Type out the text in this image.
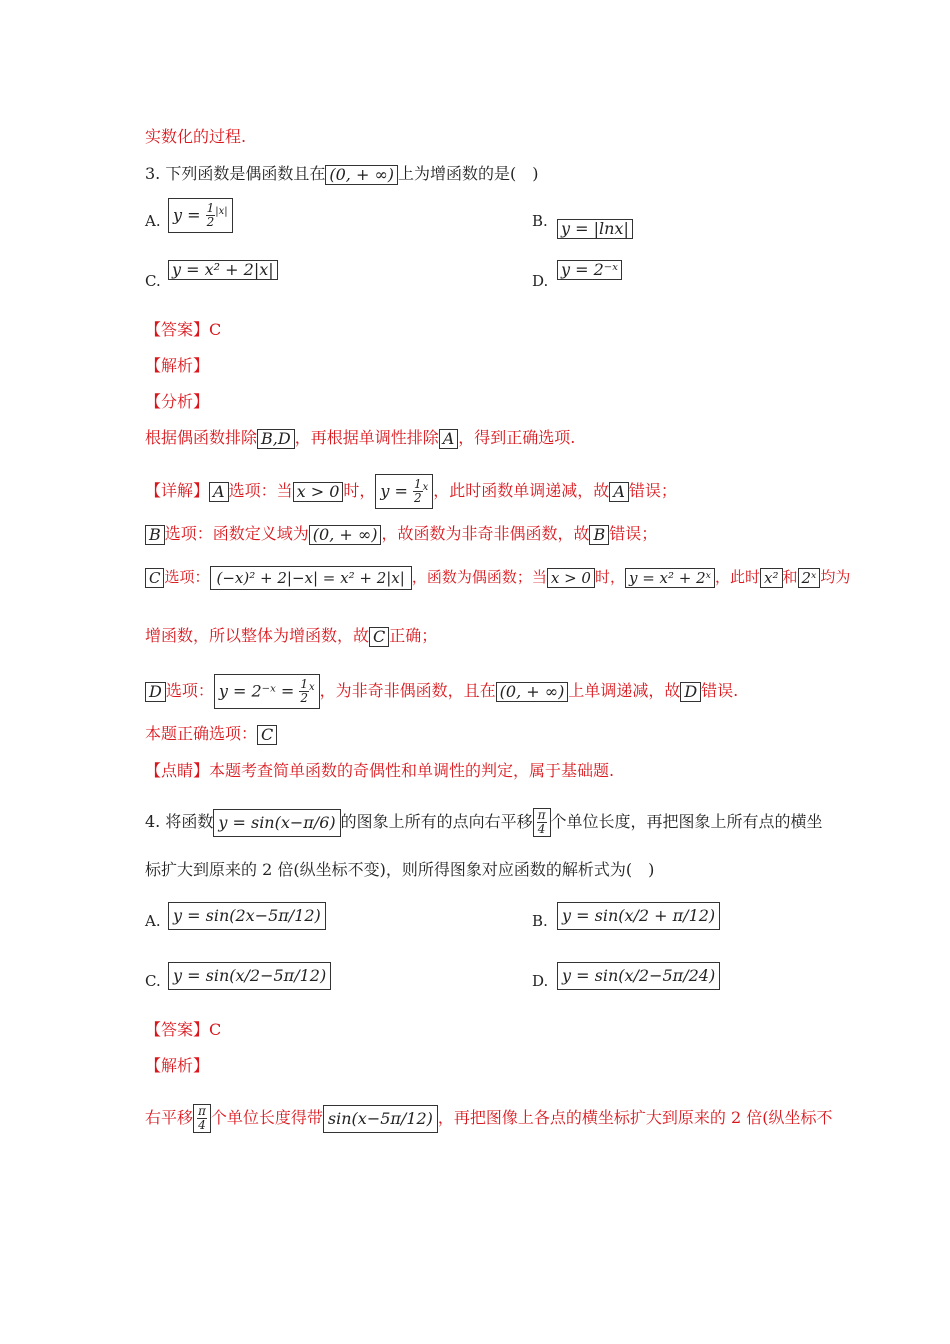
实数化的过程.
3. 下列函数是偶函数且在 (0, + ∞) 上为增函数的是(　)
A. $y = \frac{1}{2} ^{|x|}$
B. y = |lnx|
C.
y = x² + 2|x|
D.
y = 2⁻ˣ
【答案】C
【解析】
【分析】
根据偶函数排除 B,D ，再根据单调性排除 A ，得到正确选项.
【详解】 A 选项：当 x > 0 时， $y = \frac{1}{2} ^x$ ，此时函数单调递减，故 A 错误；
B 选项：函数定义域为 (0, + ∞) ，故函数为非奇非偶函数，故 B 错误；
C 选项： (−x)² + 2|−x| = x² + 2|x| ，函数为偶函数；当 x > 0 时， y = x² + 2ˣ ，此时 x² 和 2ˣ 均为
增函数，所以整体为增函数，故 C 正确；
D 选项： y = 2⁻ˣ = $\frac{1}{2} ^x$ ，为非奇非偶函数，且在 (0, + ∞) 上单调递减，故 D 错误.
本题正确选项： C
【点睛】本题考查简单函数的奇偶性和单调性的判定，属于基础题.
4. 将函数 y = sin(x−π/6) 的图象上所有的点向右平移 $\frac{\pi}{4}$ 个单位长度，再把图象上所有点的横坐
标扩大到原来的 2 倍(纵坐标不变)，则所得图象对应函数的解析式为(　)
A. y = sin(2x−5π/12)	B. y = sin(x/2 + π/12)
C. y = sin(x/2−5π/12)	D. y = sin(x/2−5π/24)
【答案】C
【解析】
右平移 $\frac{\pi}{4}$ 个单位长度得带 sin(x−5π/12) ，再把图像上各点的横坐标扩大到原来的 2 倍(纵坐标不
